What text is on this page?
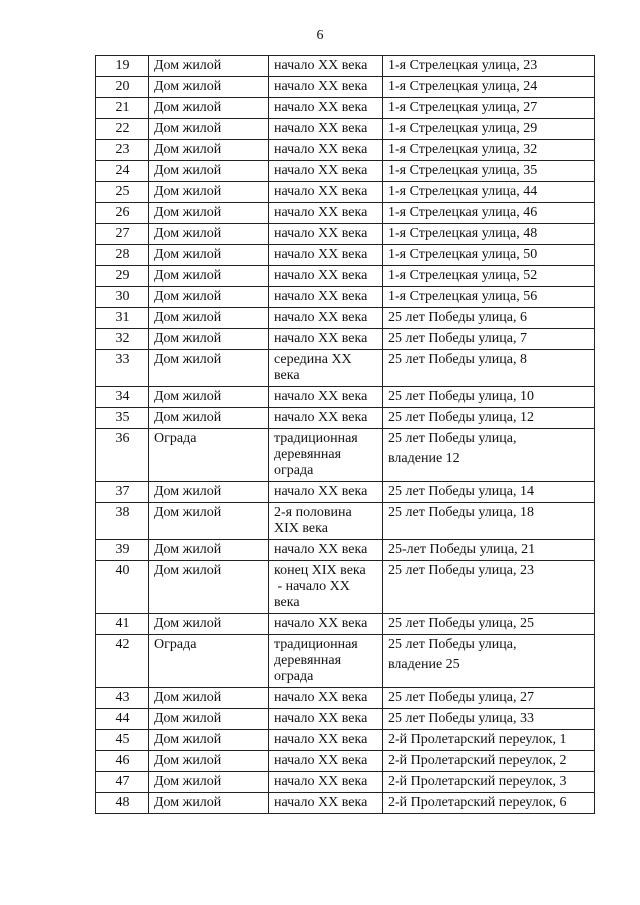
6
19	Дом жилой	начало XX века	1-я Стрелецкая улица, 23

20	Дом жилой	начало XX века	1-я Стрелецкая улица, 24

21	Дом жилой	начало XX века	1-я Стрелецкая улица, 27

22	Дом жилой	начало XX века	1-я Стрелецкая улица, 29

23	Дом жилой	начало XX века	1-я Стрелецкая улица, 32

24	Дом жилой	начало XX века	1-я Стрелецкая улица, 35

25	Дом жилой	начало XX века	1-я Стрелецкая улица, 44

26	Дом жилой	начало XX века	1-я Стрелецкая улица, 46

27	Дом жилой	начало XX века	1-я Стрелецкая улица, 48

28	Дом жилой	начало XX века	1-я Стрелецкая улица, 50

29	Дом жилой	начало XX века	1-я Стрелецкая улица, 52

30	Дом жилой	начало XX века	1-я Стрелецкая улица, 56

31	Дом жилой	начало XX века	25 лет Победы улица, 6

32	Дом жилой	начало XX века	25 лет Победы улица, 7

33	Дом жилой	середина XX
века	25 лет Победы улица, 8

34	Дом жилой	начало XX века	25 лет Победы улица, 10

35	Дом жилой	начало XX века	25 лет Победы улица, 12

36	Ограда	традиционная
деревянная
ограда	25 лет Победы улица,
владение 12

37	Дом жилой	начало XX века	25 лет Победы улица, 14

38	Дом жилой	2-я половина
XIX века	25 лет Победы улица, 18

39	Дом жилой	начало XX века	25-лет Победы улица, 21

40	Дом жилой	конец XIX века
- начало XX
века	25 лет Победы улица, 23

41	Дом жилой	начало XX века	25 лет Победы улица, 25

42	Ограда	традиционная
деревянная
ограда	25 лет Победы улица,
владение 25

43	Дом жилой	начало XX века	25 лет Победы улица, 27

44	Дом жилой	начало XX века	25 лет Победы улица, 33

45	Дом жилой	начало XX века	2-й Пролетарский переулок, 1

46	Дом жилой	начало XX века	2-й Пролетарский переулок, 2

47	Дом жилой	начало XX века	2-й Пролетарский переулок, 3

48	Дом жилой	начало XX века	2-й Пролетарский переулок, 6
